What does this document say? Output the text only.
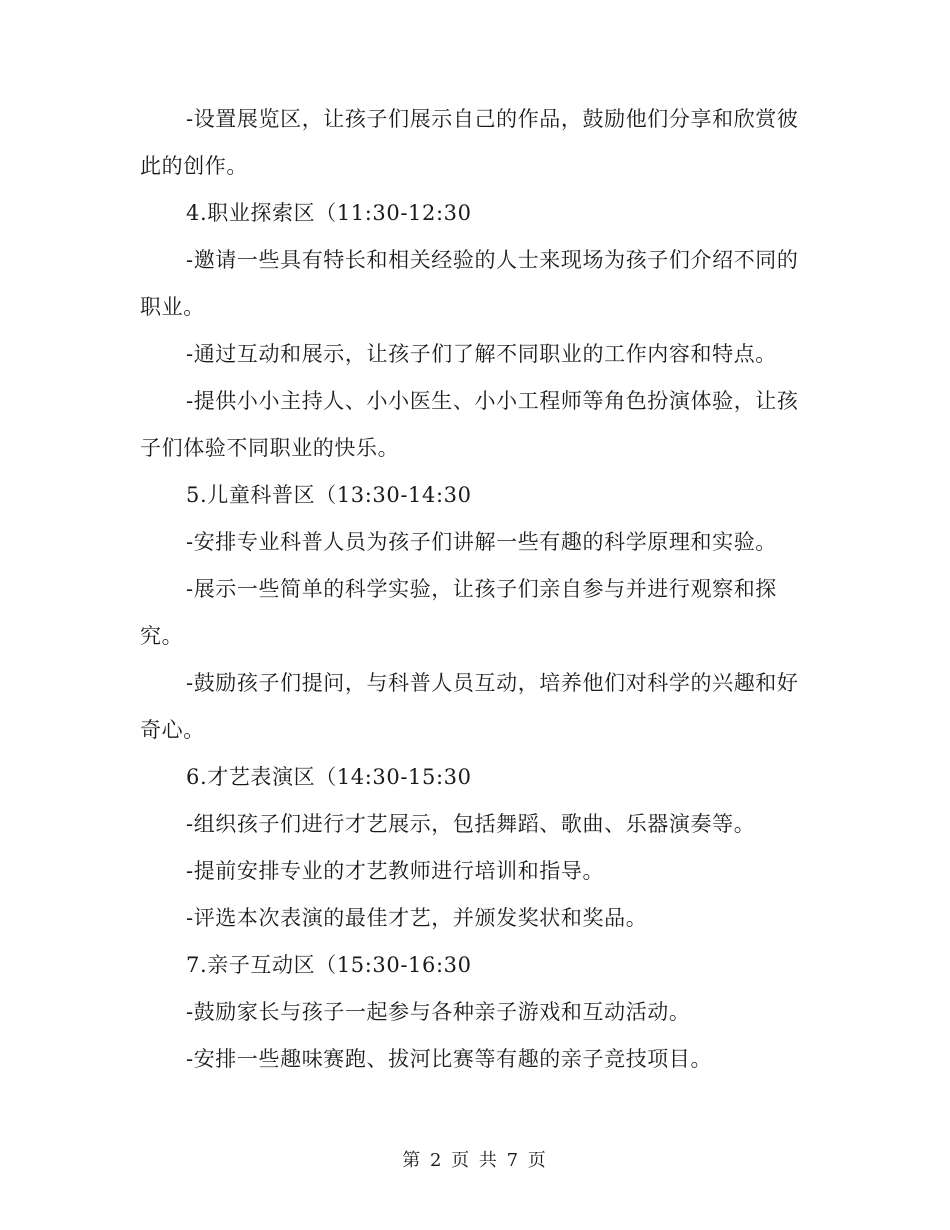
-设置展览区，让孩子们展示自己的作品，鼓励他们分享和欣赏彼此的创作。

4.职业探索区（11:30-12:30

-邀请一些具有特长和相关经验的人士来现场为孩子们介绍不同的职业。

-通过互动和展示，让孩子们了解不同职业的工作内容和特点。

-提供小小主持人、小小医生、小小工程师等角色扮演体验，让孩子们体验不同职业的快乐。

5.儿童科普区（13:30-14:30

-安排专业科普人员为孩子们讲解一些有趣的科学原理和实验。

-展示一些简单的科学实验，让孩子们亲自参与并进行观察和探究。

-鼓励孩子们提问，与科普人员互动，培养他们对科学的兴趣和好奇心。

6.才艺表演区（14:30-15:30

-组织孩子们进行才艺展示，包括舞蹈、歌曲、乐器演奏等。

-提前安排专业的才艺教师进行培训和指导。

-评选本次表演的最佳才艺，并颁发奖状和奖品。

7.亲子互动区（15:30-16:30

-鼓励家长与孩子一起参与各种亲子游戏和互动活动。

-安排一些趣味赛跑、拔河比赛等有趣的亲子竞技项目。

第 2 页 共 7 页
